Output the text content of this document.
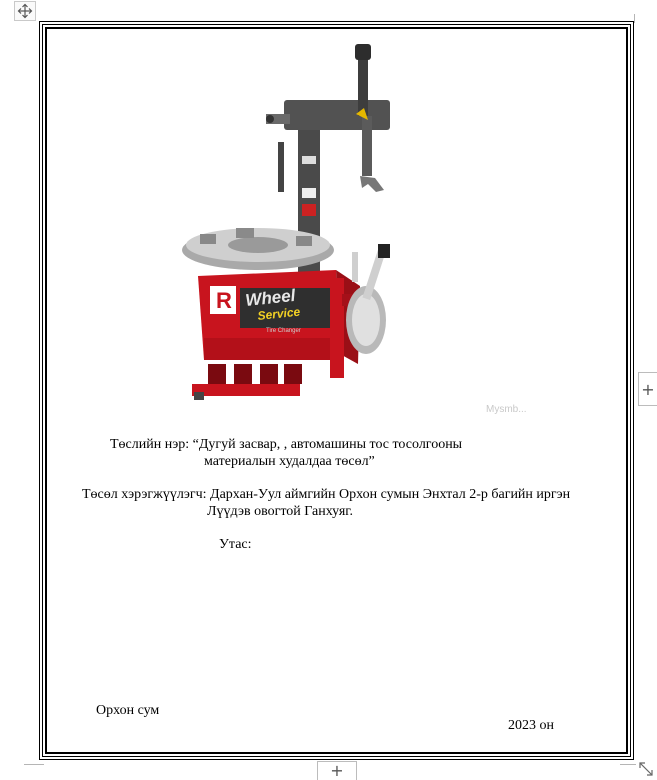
R Wheel
Service
Tire Changer
Mysmb...
Төслийн нэр: “Дугуй засвар, , автомашины тос тосолгооны
материалын худалдаа төсөл”
Төсөл хэрэгжүүлэгч: Дархан-Уул аймгийн Орхон сумын Энхтал 2-р багийн иргэн
Лүүдэв овогтой Ганхуяг.
Утас:
Орхон сум
2023 он
+
+
